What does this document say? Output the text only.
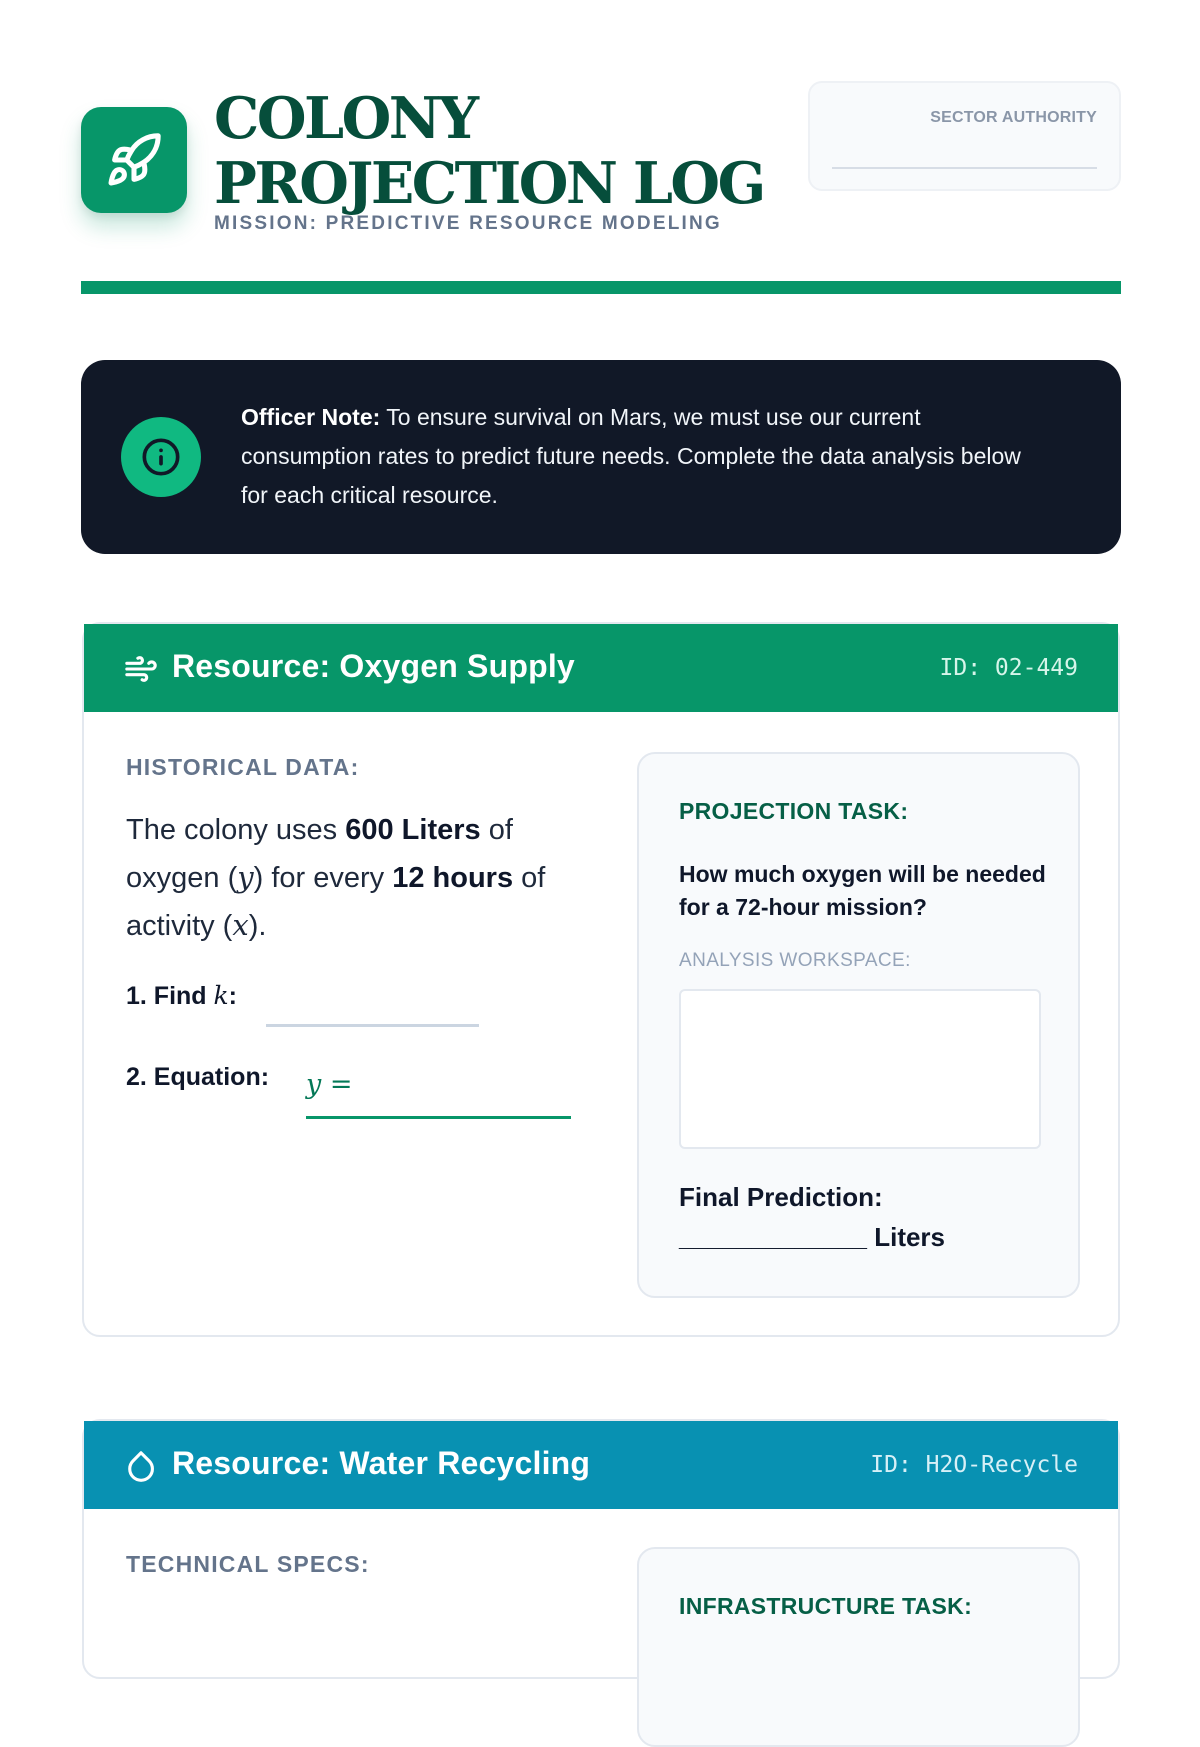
COLONY
PROJECTION LOG
MISSION: PREDICTIVE RESOURCE MODELING
SECTOR AUTHORITY
Officer Note: To ensure survival on Mars, we must use our current consumption rates to predict future needs. Complete the data analysis below for each critical resource.
Resource: Oxygen Supply	ID: 02-449
HISTORICAL DATA:
The colony uses 600 Liters of oxygen (y) for every 12 hours of activity (x).
1. Find k:
2. Equation: y =
PROJECTION TASK:
How much oxygen will be needed for a 72-hour mission?
ANALYSIS WORKSPACE:
Final Prediction:
_____________ Liters
Resource: Water Recycling	ID: H2O-Recycle
TECHNICAL SPECS:
INFRASTRUCTURE TASK:
